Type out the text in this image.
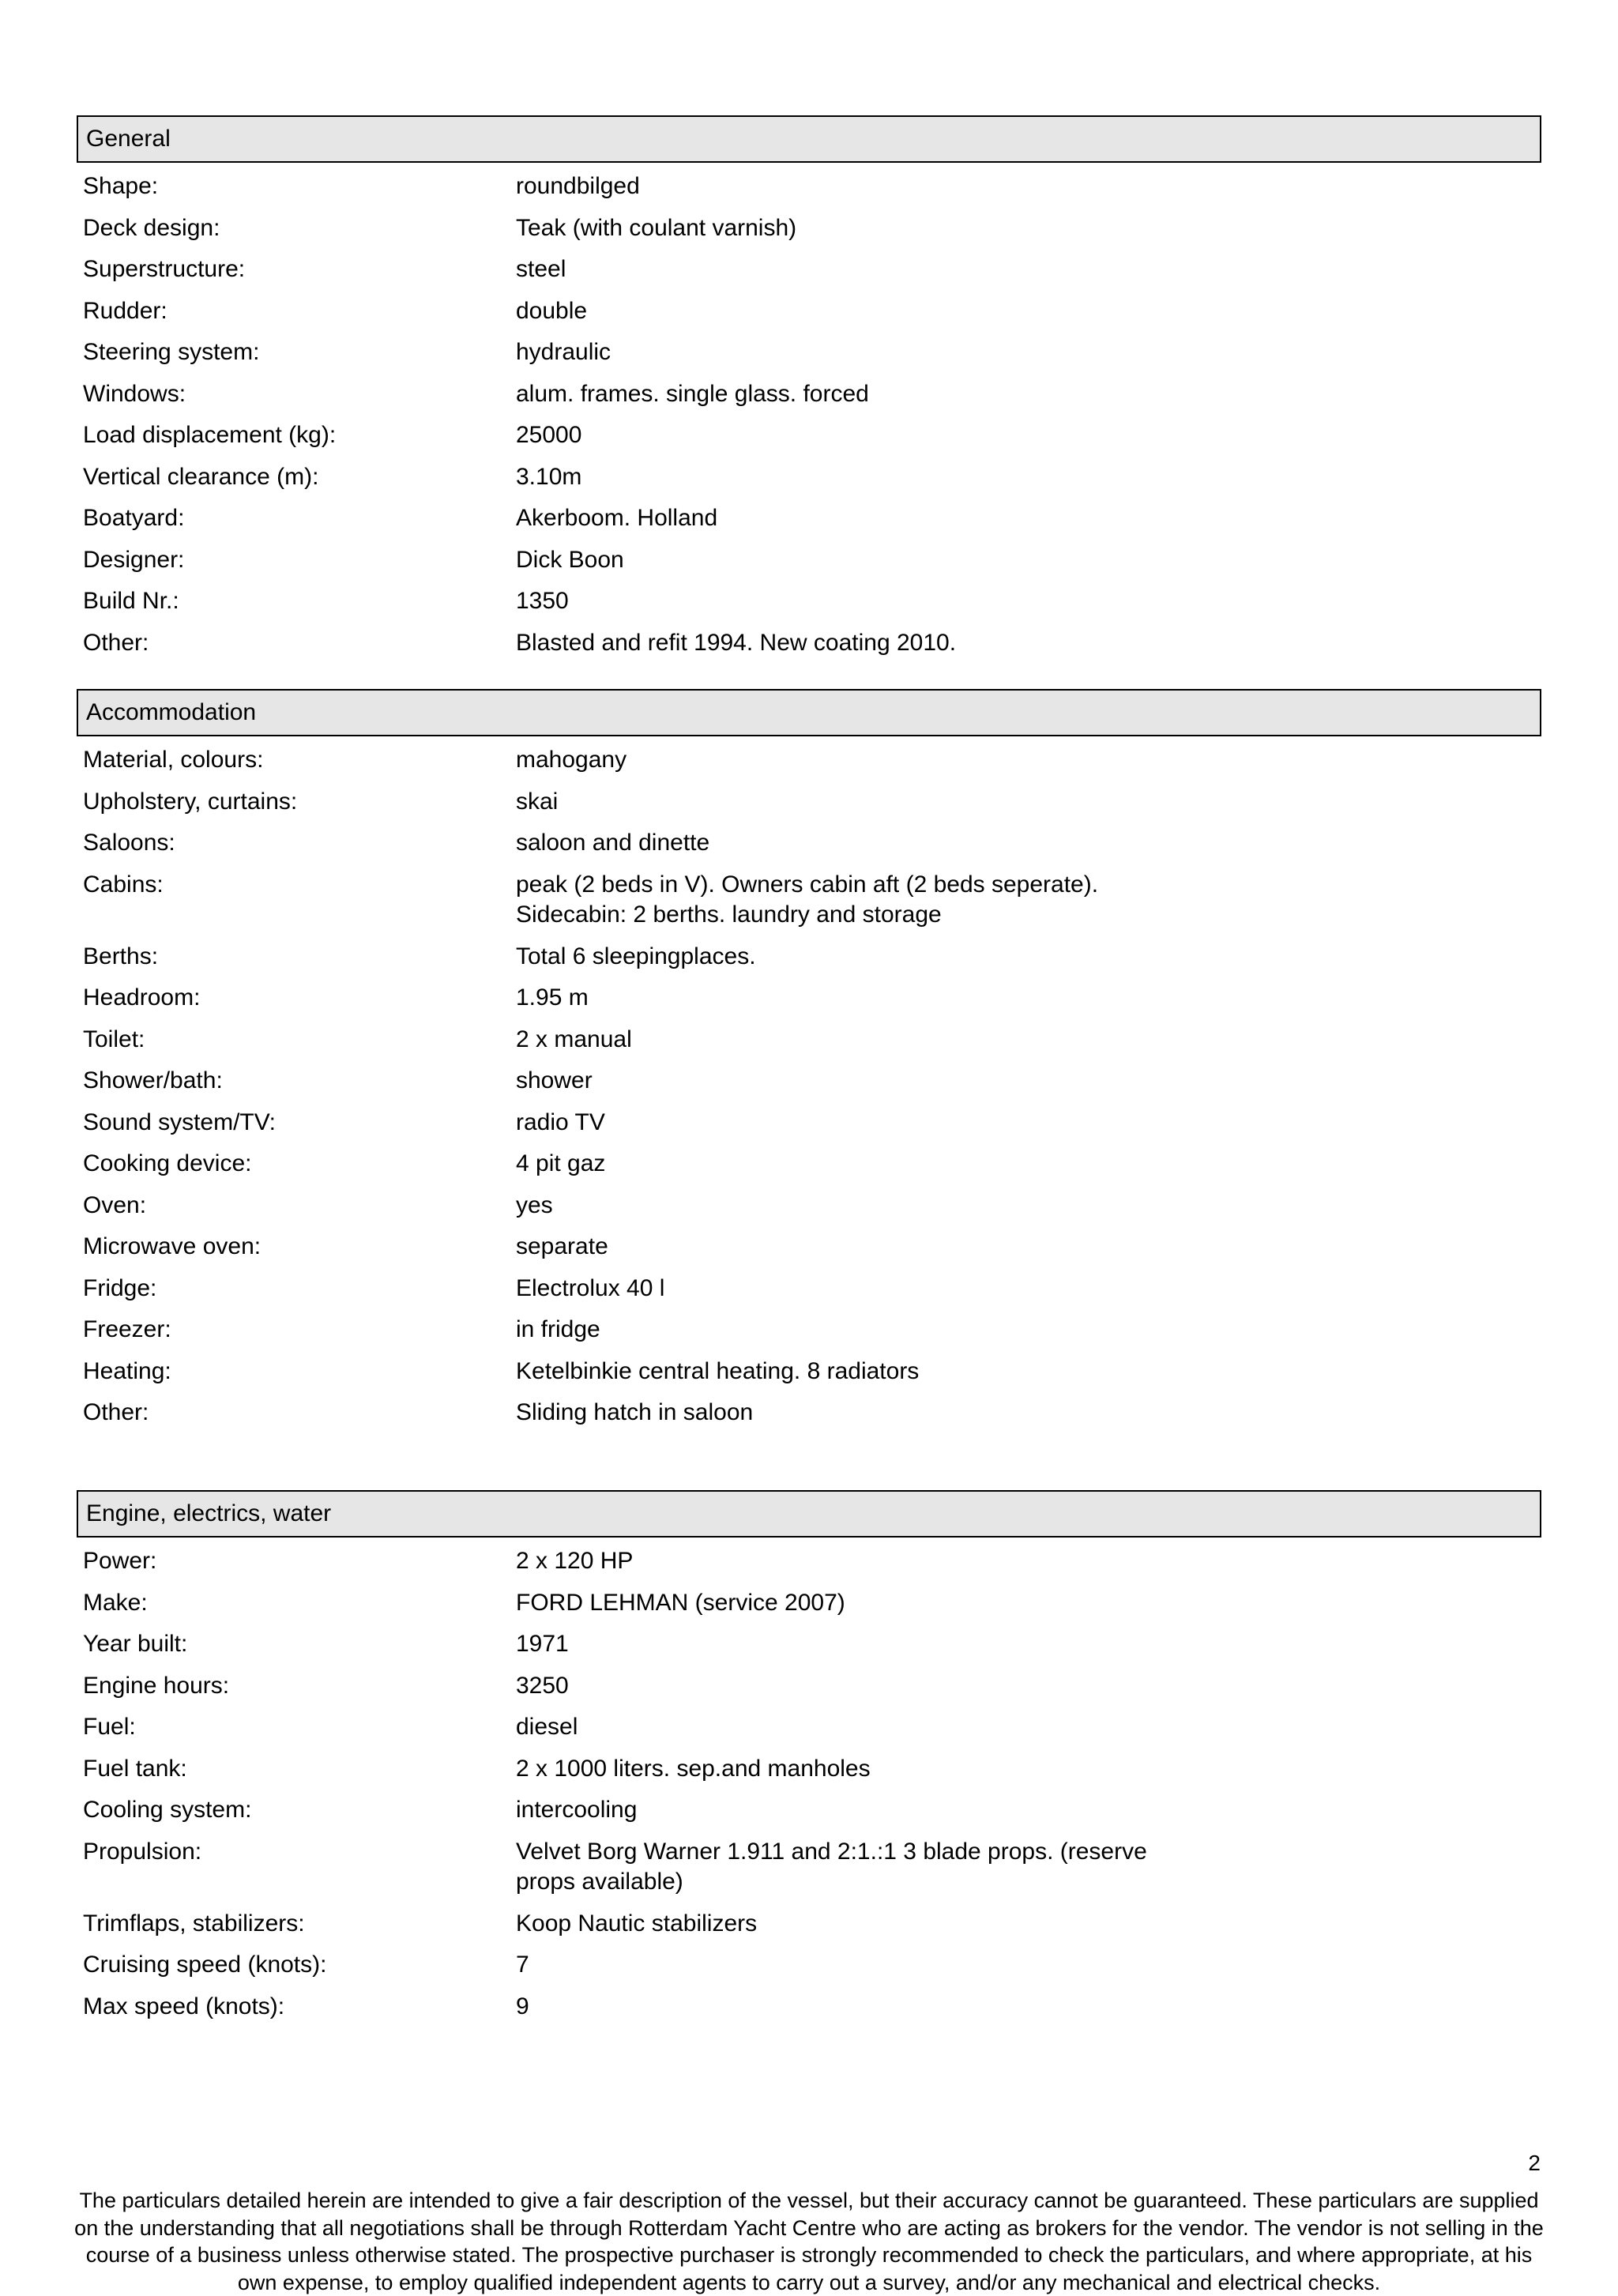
General
Shape:	roundbilged
Deck design:	Teak (with coulant varnish)
Superstructure:	steel
Rudder:	double
Steering system:	hydraulic
Windows:	alum. frames. single glass. forced
Load displacement (kg):	25000
Vertical clearance (m):	3.10m
Boatyard:	Akerboom. Holland
Designer:	Dick Boon
Build Nr.:	1350
Other:	Blasted and refit 1994. New coating 2010.
Accommodation
Material, colours:	mahogany
Upholstery, curtains:	skai
Saloons:	saloon and dinette
Cabins:	peak (2 beds in V). Owners cabin aft (2 beds seperate). Sidecabin: 2 berths. laundry and storage
Berths:	Total 6 sleepingplaces.
Headroom:	1.95 m
Toilet:	2 x manual
Shower/bath:	shower
Sound system/TV:	radio TV
Cooking device:	4 pit gaz
Oven:	yes
Microwave oven:	separate
Fridge:	Electrolux 40 l
Freezer:	in fridge
Heating:	Ketelbinkie central heating. 8 radiators
Other:	Sliding hatch in saloon
Engine, electrics, water
Power:	2 x 120 HP
Make:	FORD LEHMAN (service 2007)
Year built:	1971
Engine hours:	3250
Fuel:	diesel
Fuel tank:	2 x 1000 liters. sep.and manholes
Cooling system:	intercooling
Propulsion:	Velvet Borg Warner 1.911 and 2:1.:1 3 blade props. (reserve props available)
Trimflaps, stabilizers:	Koop Nautic stabilizers
Cruising speed (knots):	7
Max speed (knots):	9
2
The particulars detailed herein are intended to give a fair description of the vessel, but their accuracy cannot be guaranteed. These particulars are supplied on the understanding that all negotiations shall be through Rotterdam Yacht Centre who are acting as brokers for the vendor. The vendor is not selling in the course of a business unless otherwise stated. The prospective purchaser is strongly recommended to check the particulars, and where appropriate, at his own expense, to employ qualified independent agents to carry out a survey, and/or any mechanical and electrical checks.
